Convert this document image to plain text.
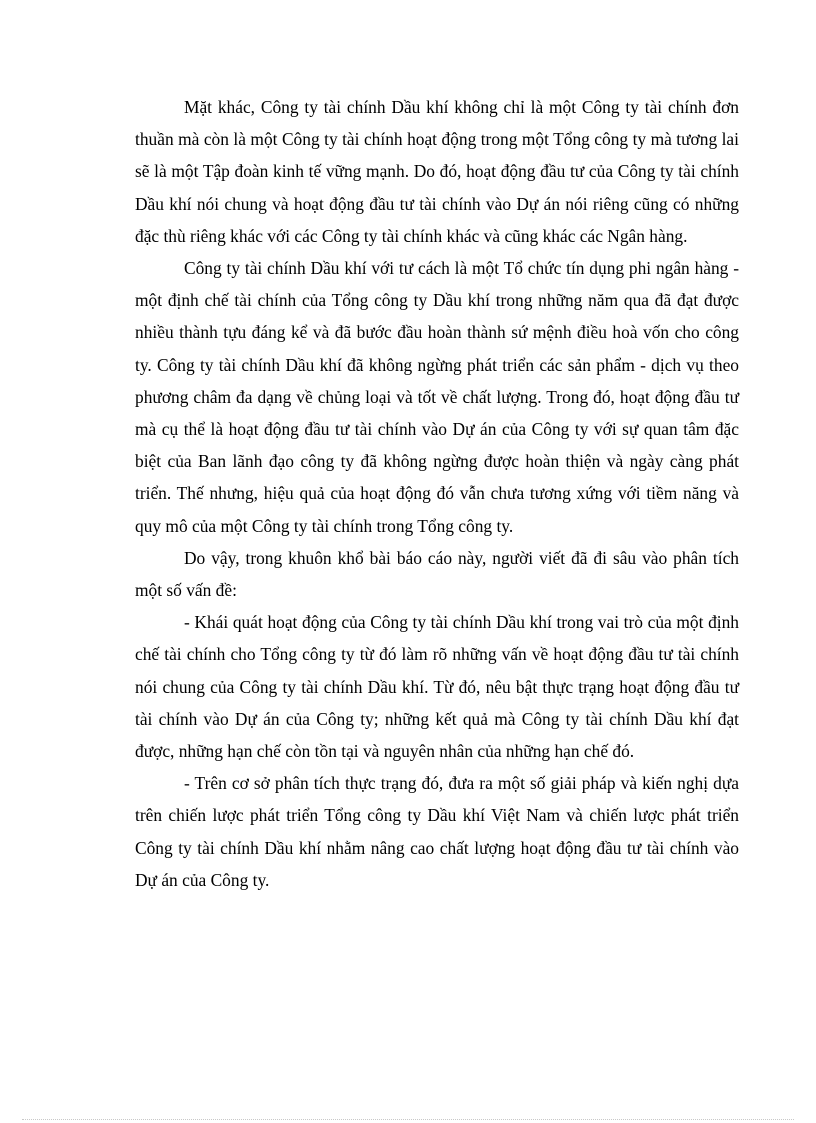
Mặt khác, Công ty tài chính Dầu khí không chỉ là một Công ty tài chính đơn thuần mà còn là một Công ty tài chính hoạt động trong một Tổng công ty mà tương lai sẽ là một Tập đoàn kinh tế vững mạnh. Do đó, hoạt động đầu tư của Công ty tài chính Dầu khí nói chung và hoạt động đầu tư tài chính vào Dự án nói riêng cũng có những đặc thù riêng khác với các Công ty tài chính khác và cũng khác các Ngân hàng.

Công ty tài chính Dầu khí với tư cách là một Tổ chức tín dụng phi ngân hàng - một định chế tài chính của Tổng công ty Dầu khí trong những năm qua đã đạt được nhiều thành tựu đáng kể và đã bước đầu hoàn thành sứ mệnh điều hoà vốn cho công ty. Công ty tài chính Dầu khí đã không ngừng phát triển các sản phẩm - dịch vụ theo phương châm đa dạng về chủng loại và tốt về chất lượng. Trong đó, hoạt động đầu tư mà cụ thể là hoạt động đầu tư tài chính vào Dự án của Công ty với sự quan tâm đặc biệt của Ban lãnh đạo công ty đã không ngừng được hoàn thiện và ngày càng phát triển. Thế nhưng, hiệu quả của hoạt động đó vẫn chưa tương xứng với tiềm năng và quy mô của một Công ty tài chính trong Tổng công ty.

Do vậy, trong khuôn khổ bài báo cáo này, người viết đã đi sâu vào phân tích một số vấn đề:

- Khái quát hoạt động của Công ty tài chính Dầu khí trong vai trò của một định chế tài chính cho Tổng công ty từ đó làm rõ những vấn về hoạt động đầu tư tài chính nói chung của Công ty tài chính Dầu khí. Từ đó, nêu bật thực trạng hoạt động đầu tư tài chính vào Dự án của Công ty; những kết quả mà Công ty tài chính Dầu khí đạt được, những hạn chế còn tồn tại và nguyên nhân của những hạn chế đó.

- Trên cơ sở phân tích thực trạng đó, đưa ra một số giải pháp và kiến nghị dựa trên chiến lược phát triển Tổng công ty Dầu khí Việt Nam và chiến lược phát triển Công ty tài chính Dầu khí nhằm nâng cao chất lượng hoạt động đầu tư tài chính vào Dự án của Công ty.
